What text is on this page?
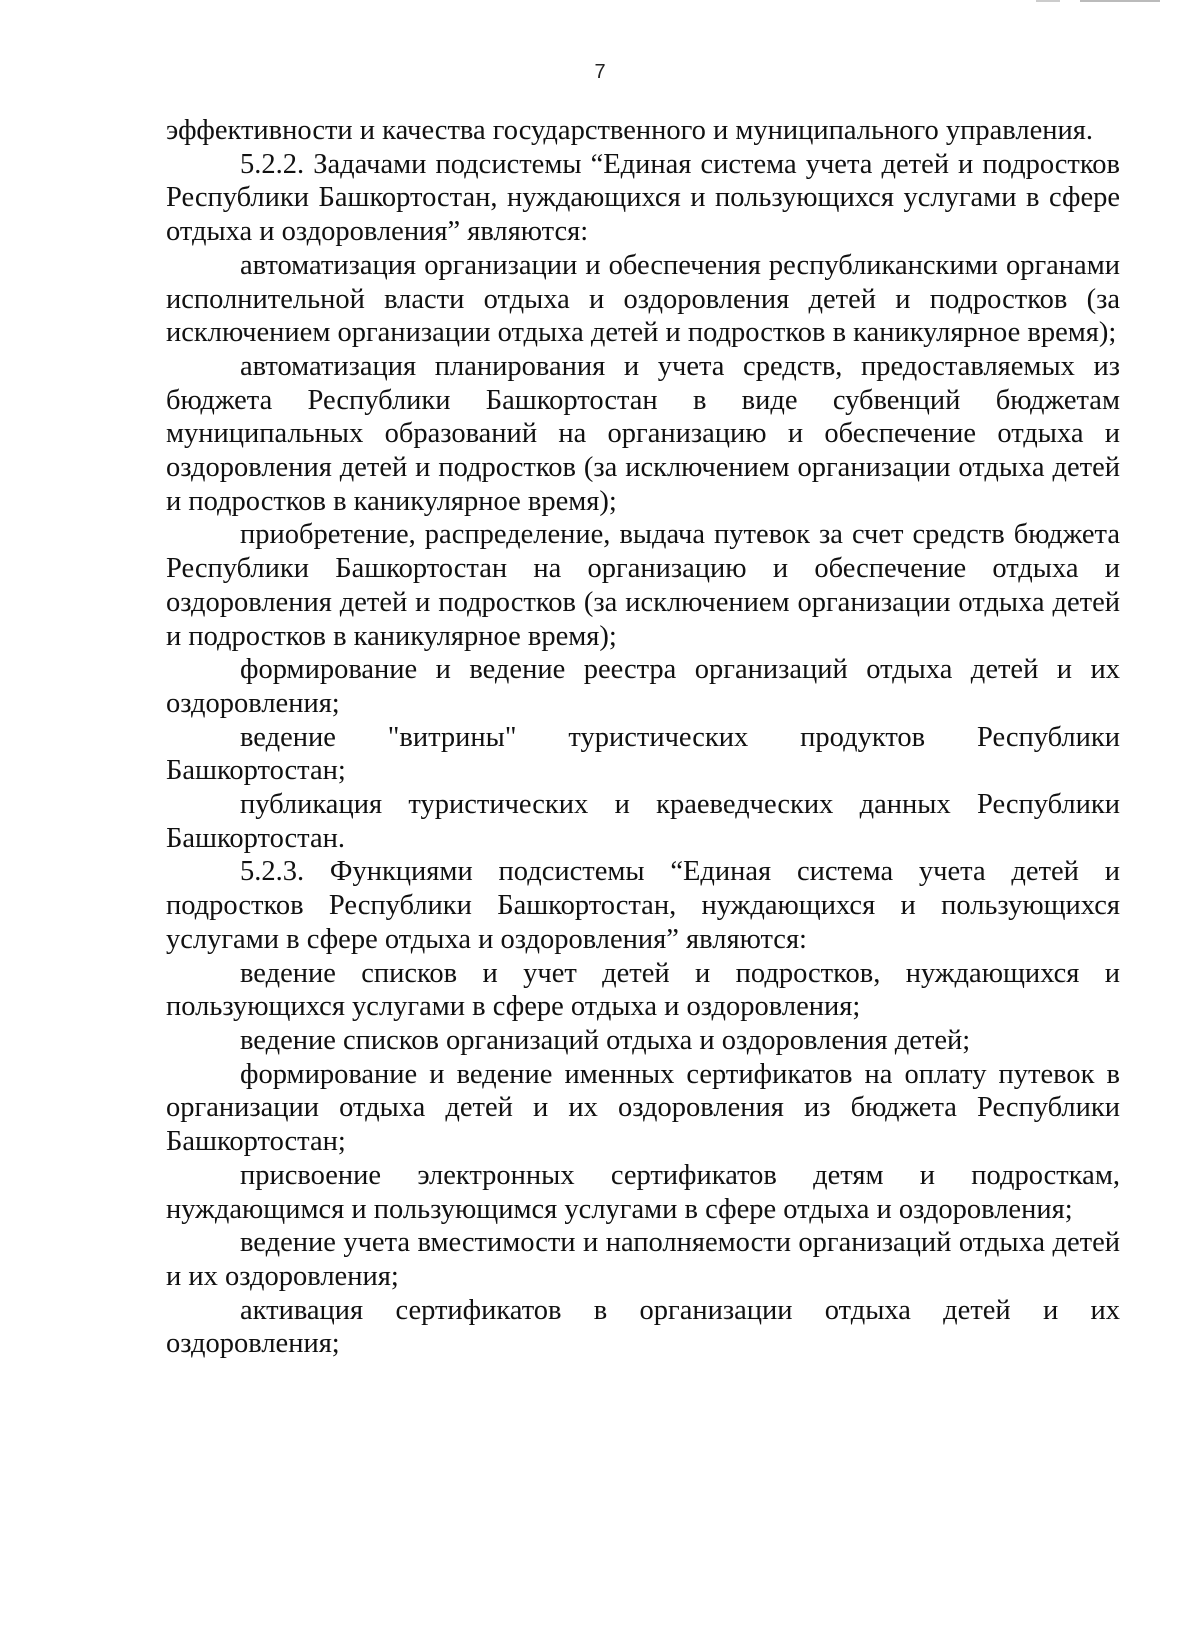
7

эффективности и качества государственного и муниципального управления.

5.2.2. Задачами подсистемы “Единая система учета детей и подростков Республики Башкортостан, нуждающихся и пользующихся услугами в сфере отдыха и оздоровления” являются:

автоматизация организации и обеспечения республиканскими органами исполнительной власти отдыха и оздоровления детей и подростков (за исключением организации отдыха детей и подростков в каникулярное время);

автоматизация планирования и учета средств, предоставляемых из бюджета Республики Башкортостан в виде субвенций бюджетам муниципальных образований на организацию и обеспечение отдыха и оздоровления детей и подростков (за исключением организации отдыха детей и подростков в каникулярное время);

приобретение, распределение, выдача путевок за счет средств бюджета Республики Башкортостан на организацию и обеспечение отдыха и оздоровления детей и подростков (за исключением организации отдыха детей и подростков в каникулярное время);

формирование и ведение реестра организаций отдыха детей и их оздоровления;

ведение "витрины" туристических продуктов Республики Башкортостан;

публикация туристических и краеведческих данных Республики Башкортостан.

5.2.3. Функциями подсистемы “Единая система учета детей и подростков Республики Башкортостан, нуждающихся и пользующихся услугами в сфере отдыха и оздоровления” являются:

ведение списков и учет детей и подростков, нуждающихся и пользующихся услугами в сфере отдыха и оздоровления;

ведение списков организаций отдыха и оздоровления детей;

формирование и ведение именных сертификатов на оплату путевок в организации отдыха детей и их оздоровления из бюджета Республики Башкортостан;

присвоение электронных сертификатов детям и подросткам, нуждающимся и пользующимся услугами в сфере отдыха и оздоровления;

ведение учета вместимости и наполняемости организаций отдыха детей и их оздоровления;

активация сертификатов в организации отдыха детей и их оздоровления;
